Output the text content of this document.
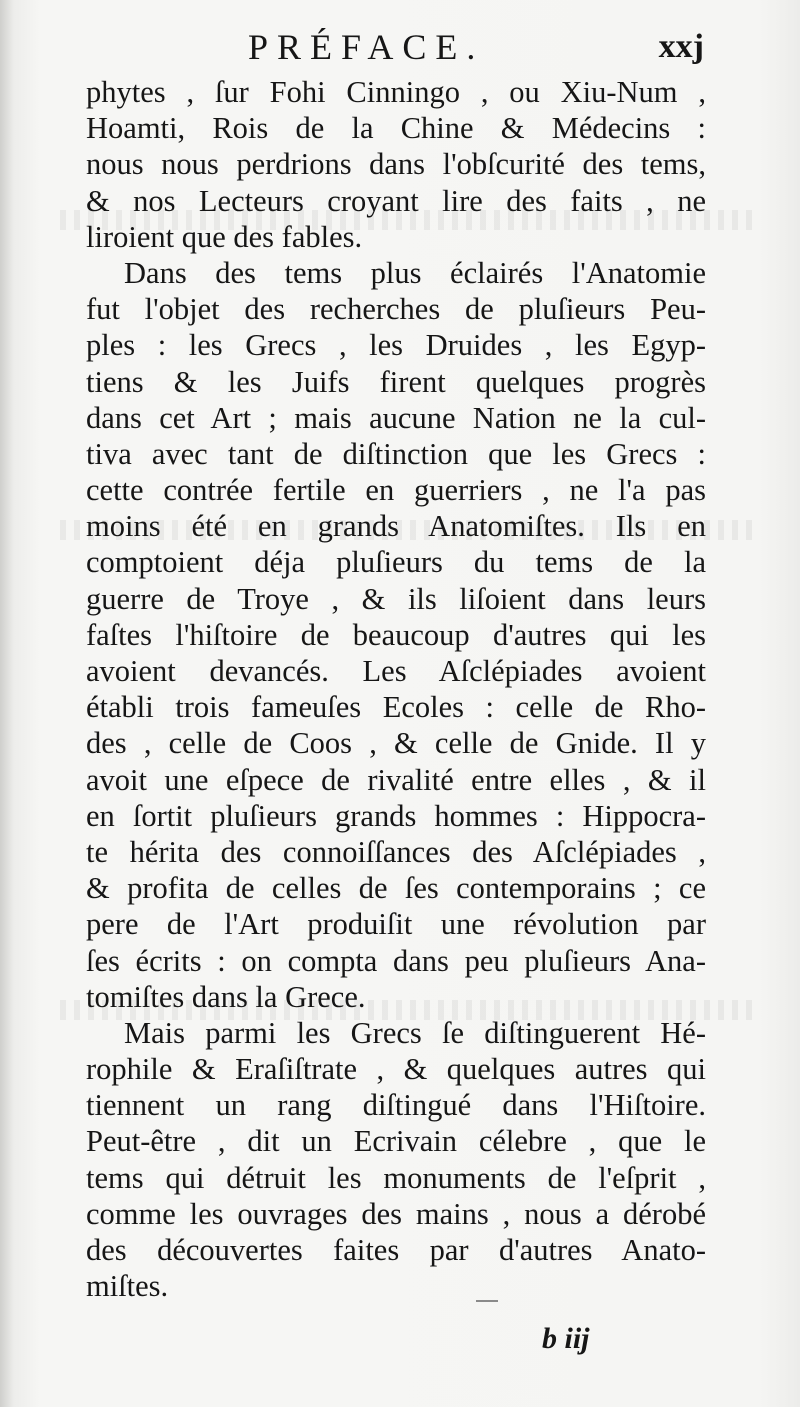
PRÉFACE.	xxj
phytes , ſur Fohi Cinningo , ou Xiu-Num ,
Hoamti, Rois de la Chine & Médecins :
nous nous perdrions dans l'obſcurité des tems,
& nos Lecteurs croyant lire des faits , ne
liroient que des fables.
Dans des tems plus éclairés l'Anatomie
fut l'objet des recherches de pluſieurs Peu-
ples : les Grecs , les Druides , les Egyp-
tiens & les Juifs firent quelques progrès
dans cet Art ; mais aucune Nation ne la cul-
tiva avec tant de diſtinction que les Grecs :
cette contrée fertile en guerriers , ne l'a pas
moins été en grands Anatomiſtes. Ils en
comptoient déja pluſieurs du tems de la
guerre de Troye , & ils liſoient dans leurs
faſtes l'hiſtoire de beaucoup d'autres qui les
avoient devancés. Les Aſclépiades avoient
établi trois fameuſes Ecoles : celle de Rho-
des , celle de Coos , & celle de Gnide. Il y
avoit une eſpece de rivalité entre elles , & il
en ſortit pluſieurs grands hommes : Hippocra-
te hérita des connoiſſances des Aſclépiades ,
& profita de celles de ſes contemporains ; ce
pere de l'Art produiſit une révolution par
ſes écrits : on compta dans peu pluſieurs Ana-
tomiſtes dans la Grece.
Mais parmi les Grecs ſe diſtinguerent Hé-
rophile & Eraſiſtrate , & quelques autres qui
tiennent un rang diſtingué dans l'Hiſtoire.
Peut-être , dit un Ecrivain célebre , que le
tems qui détruit les monuments de l'eſprit ,
comme les ouvrages des mains , nous a dérobé
des découvertes faites par d'autres Anato-
miſtes.
b iij
